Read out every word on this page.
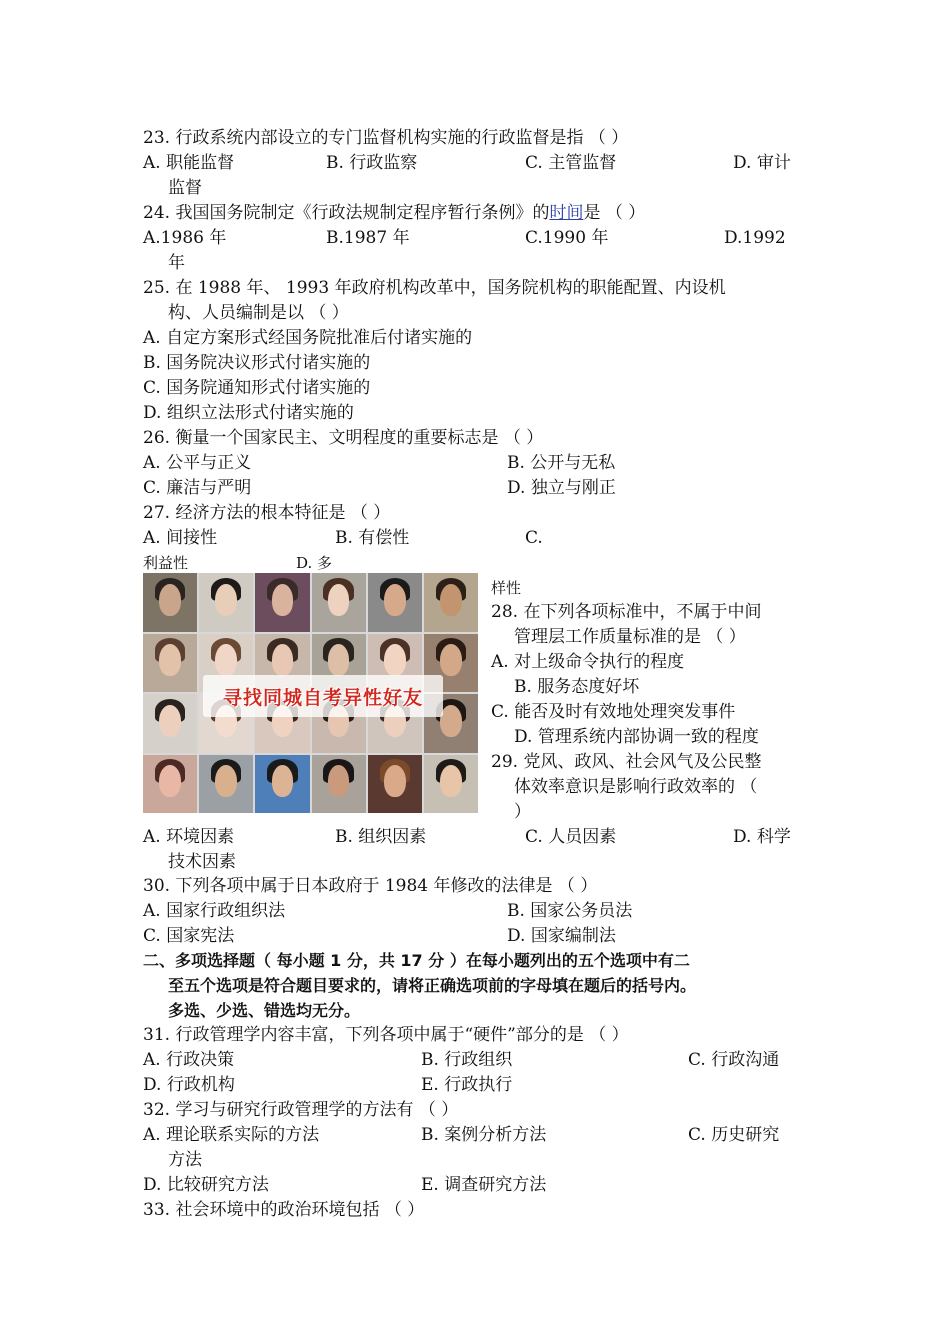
23. 行政系统内部设立的专门监督机构实施的行政监督是指 （ ）
A. 职能监督	B. 行政监察	C. 主管监督	D. 审计
监督
24. 我国国务院制定《行政法规制定程序暂行条例》的时间是 （ ）
A.1986 年	B.1987 年	C.1990 年	D.1992
年
25. 在 1988 年、 1993 年政府机构改革中，国务院机构的职能配置、内设机
构、人员编制是以 （ ）
A. 自定方案形式经国务院批准后付诸实施的
B. 国务院决议形式付诸实施的
C. 国务院通知形式付诸实施的
D. 组织立法形式付诸实施的
26. 衡量一个国家民主、文明程度的重要标志是 （ ）
A. 公平与正义	B. 公开与无私
C. 廉洁与严明	D. 独立与刚正
27. 经济方法的根本特征是 （ ）
A. 间接性	B. 有偿性	C.
利益性	D. 多
寻找同城自考异性好友
样性
28. 在下列各项标准中，不属于中间
管理层工作质量标准的是 （ ）
A. 对上级命令执行的程度
B. 服务态度好坏
C. 能否及时有效地处理突发事件
D. 管理系统内部协调一致的程度
29. 党风、政风、社会风气及公民整
体效率意识是影响行政效率的 （
）
A. 环境因素	B. 组织因素	C. 人员因素	D. 科学
技术因素
30. 下列各项中属于日本政府于 1984 年修改的法律是 （ ）
A. 国家行政组织法	B. 国家公务员法
C. 国家宪法	D. 国家编制法
二、多项选择题（ 每小题 1 分，共 17 分 ）在每小题列出的五个选项中有二
至五个选项是符合题目要求的，请将正确选项前的字母填在题后的括号内。
多选、少选、错选均无分。
31. 行政管理学内容丰富，下列各项中属于“硬件”部分的是 （ ）
A. 行政决策	B. 行政组织	C. 行政沟通
D. 行政机构	E. 行政执行
32. 学习与研究行政管理学的方法有 （ ）
A. 理论联系实际的方法	B. 案例分析方法	C. 历史研究
方法
D. 比较研究方法	E. 调查研究方法
33. 社会环境中的政治环境包括 （ ）
